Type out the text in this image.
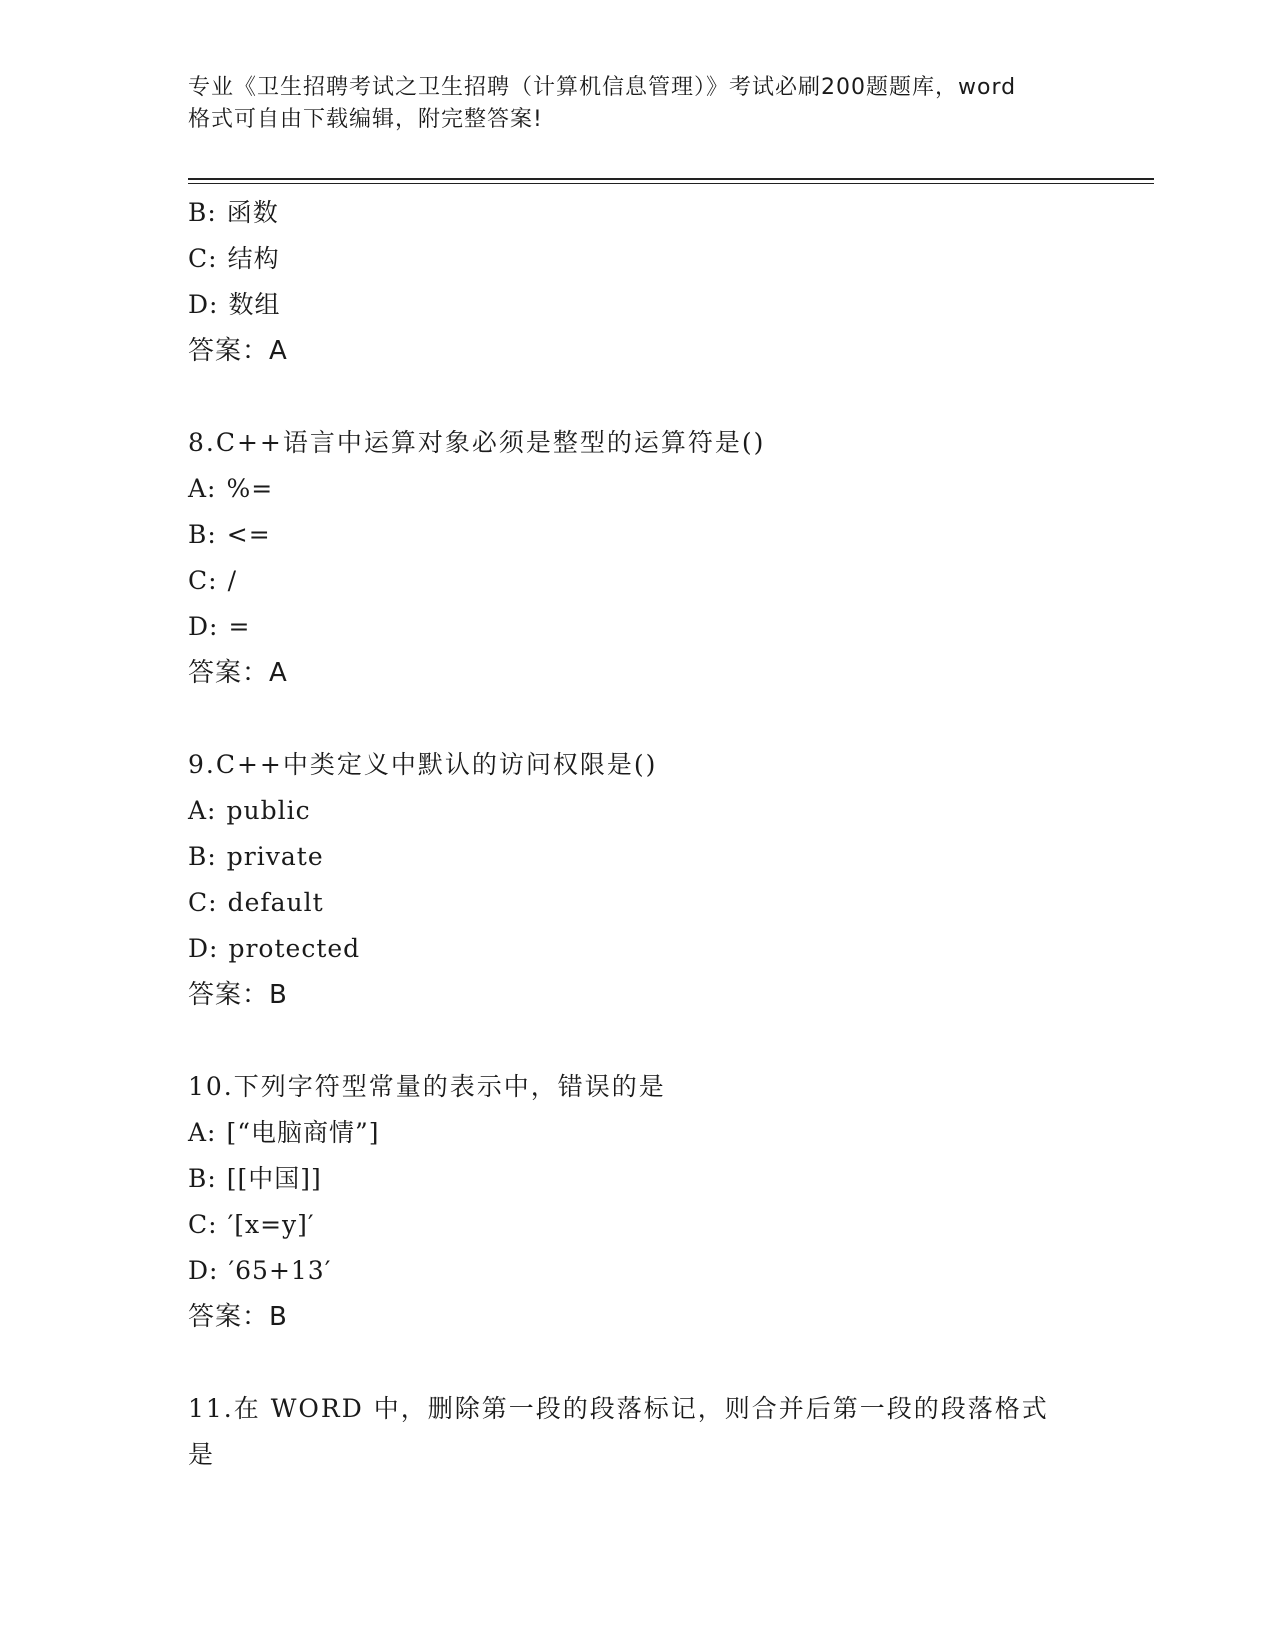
专业《卫生招聘考试之卫生招聘（计算机信息管理）》考试必刷200题题库，word
格式可自由下载编辑，附完整答案!
B: 函数
C: 结构
D: 数组
答案：A
8.C++语言中运算对象必须是整型的运算符是()
A: %=
B: <=
C: /
D: =
答案：A
9.C++中类定义中默认的访问权限是()
A: public
B: private
C: default
D: protected
答案：B
10.下列字符型常量的表示中，错误的是
A: [“电脑商情”]
B: [[中国]]
C: ′[x=y]′
D: ′65+13′
答案：B
11.在 WORD 中，删除第一段的段落标记，则合并后第一段的段落格式是
